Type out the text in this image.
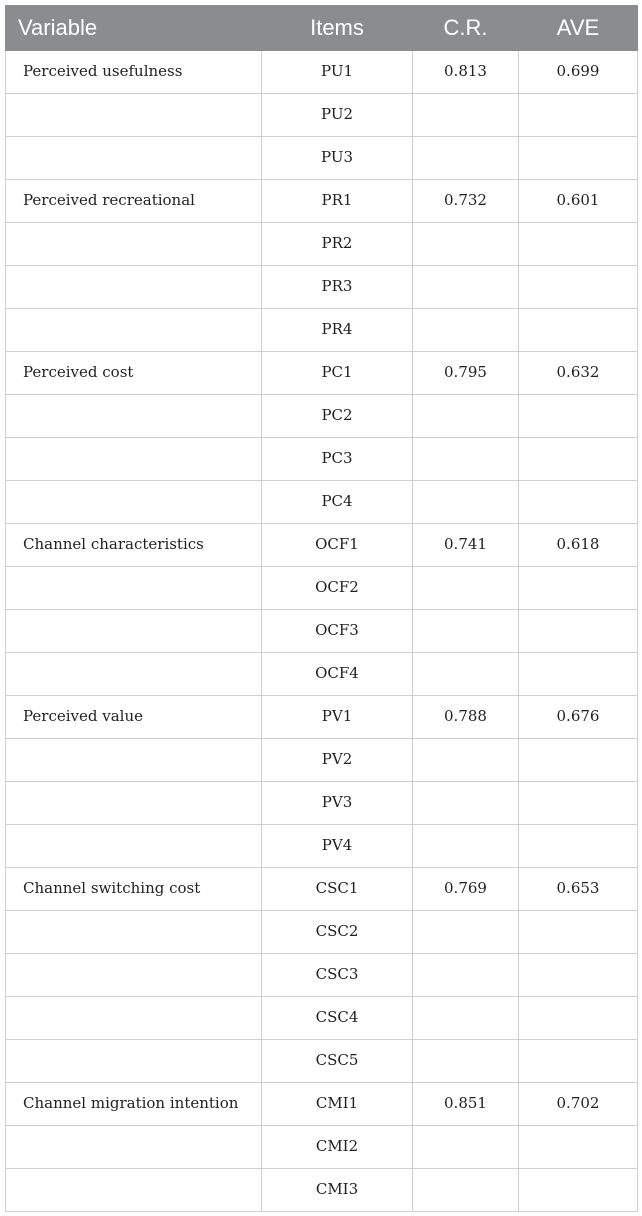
Variable	Items	C.R.	AVE

Perceived usefulness	PU1	0.813	0.699

	PU2		

	PU3		

Perceived recreational	PR1	0.732	0.601

	PR2		

	PR3		

	PR4		

Perceived cost	PC1	0.795	0.632

	PC2		

	PC3		

	PC4		

Channel characteristics	OCF1	0.741	0.618

	OCF2		

	OCF3		

	OCF4		

Perceived value	PV1	0.788	0.676

	PV2		

	PV3		

	PV4		

Channel switching cost	CSC1	0.769	0.653

	CSC2		

	CSC3		

	CSC4		

	CSC5		

Channel migration intention	CMI1	0.851	0.702

	CMI2		

	CMI3		
